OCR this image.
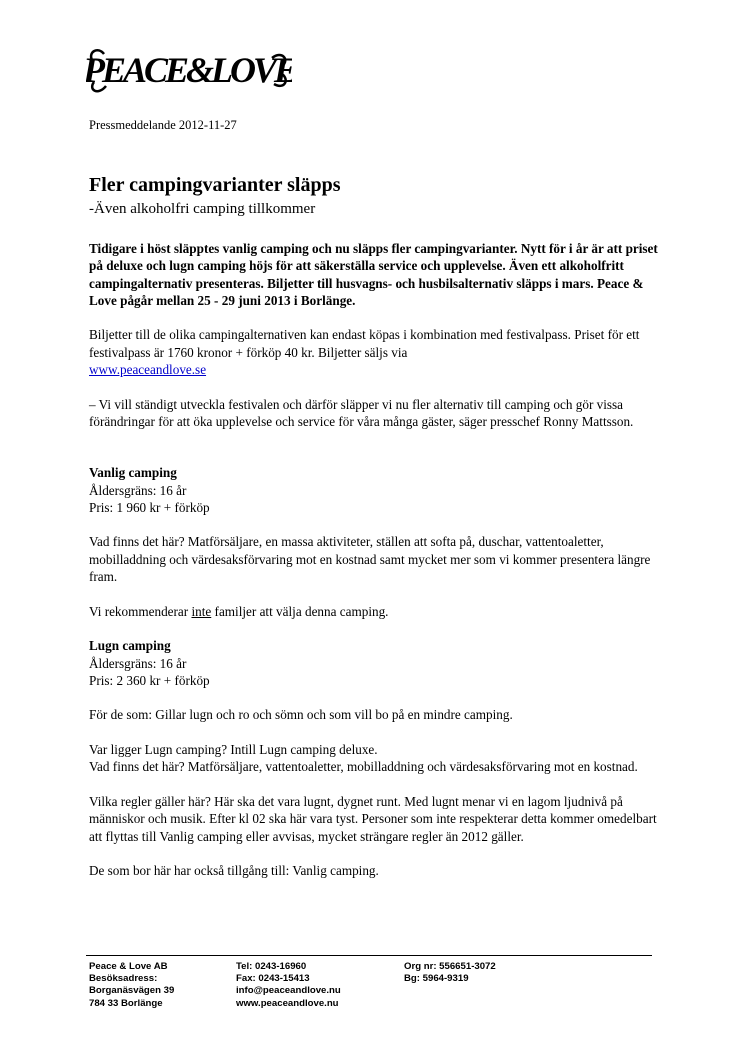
PEACE&LOVE
Pressmeddelande 2012-11-27
Fler campingvarianter släpps
-Även alkoholfri camping tillkommer

Tidigare i höst släpptes vanlig camping och nu släpps fler campingvarianter. Nytt för i år är att priset på deluxe och lugn camping höjs för att säkerställa service och upplevelse. Även ett alkoholfritt campingalternativ presenteras. Biljetter till husvagns- och husbilsalternativ släpps i mars. Peace & Love pågår mellan 25 - 29 juni 2013 i Borlänge.

Biljetter till de olika campingalternativen kan endast köpas i kombination med festivalpass. Priset för ett festivalpass är 1760 kronor + förköp 40 kr. Biljetter säljs via
www.peaceandlove.se

– Vi vill ständigt utveckla festivalen och därför släpper vi nu fler alternativ till camping och gör vissa förändringar för att öka upplevelse och service för våra många gäster, säger presschef Ronny Mattsson.

Vanlig camping
Åldersgräns: 16 år
Pris: 1 960 kr + förköp

Vad finns det här? Matförsäljare, en massa aktiviteter, ställen att softa på, duschar, vattentoaletter, mobilladdning och värdesaksförvaring mot en kostnad samt mycket mer som vi kommer presentera längre fram.

Vi rekommenderar inte familjer att välja denna camping.

Lugn camping
Åldersgräns: 16 år
Pris: 2 360 kr + förköp

För de som: Gillar lugn och ro och sömn och som vill bo på en mindre camping.

Var ligger Lugn camping? Intill Lugn camping deluxe.
Vad finns det här? Matförsäljare, vattentoaletter, mobilladdning och värdesaksförvaring mot en kostnad.

Vilka regler gäller här? Här ska det vara lugnt, dygnet runt. Med lugnt menar vi en lagom ljudnivå på människor och musik. Efter kl 02 ska här vara tyst. Personer som inte respekterar detta kommer omedelbart att flyttas till Vanlig camping eller avvisas, mycket strängare regler än 2012 gäller.

De som bor här har också tillgång till: Vanlig camping.

Peace & Love AB
Besöksadress:
Borganäsvägen 39
784 33 Borlänge
Tel: 0243-16960
Fax: 0243-15413
info@peaceandlove.nu
www.peaceandlove.nu
Org nr: 556651-3072
Bg: 5964-9319
